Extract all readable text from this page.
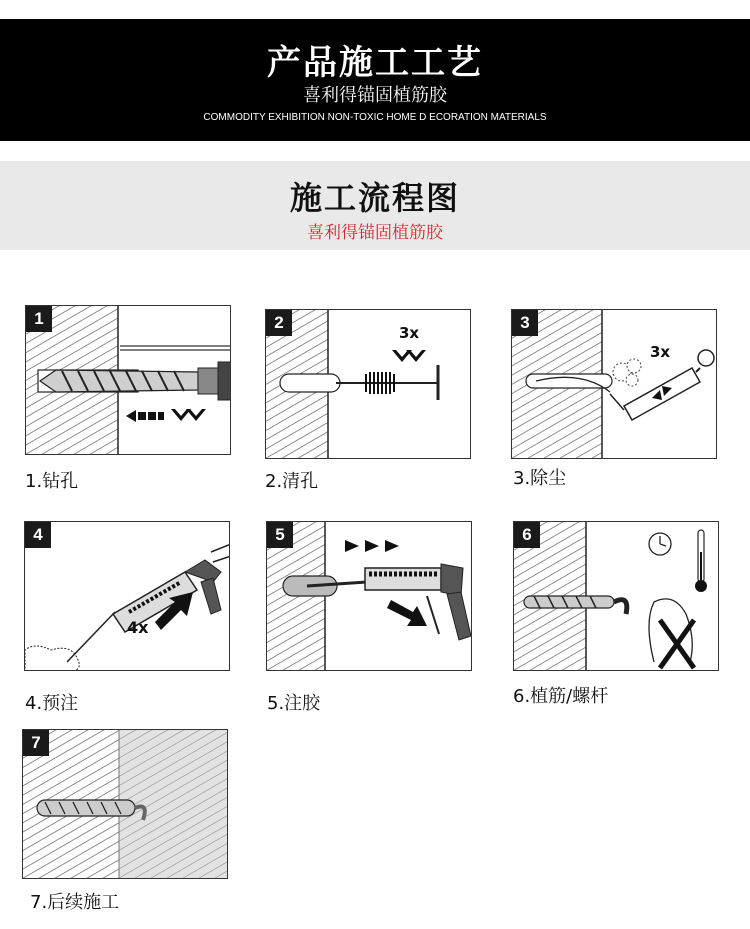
产品施工工艺
喜利得锚固植筋胶
COMMODITY EXHIBITION NON-TOXIC HOME D ECORATION MATERIALS
施工流程图
喜利得锚固植筋胶
1
1.钻孔
3x
2
2.清孔
3x
3
3.除尘
4x
4
4.预注
5
5.注胶
6
6.植筋/螺杆
7
7.后续施工
